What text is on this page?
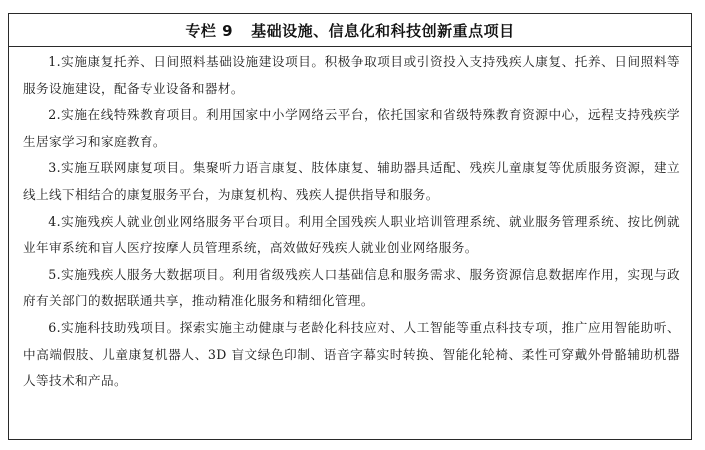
专栏 9 基础设施、信息化和科技创新重点项目

1.实施康复托养、日间照料基础设施建设项目。积极争取项目或引资投入支持残疾人康复、托养、日间照料等服务设施建设，配备专业设备和器材。

2.实施在线特殊教育项目。利用国家中小学网络云平台，依托国家和省级特殊教育资源中心，远程支持残疾学生居家学习和家庭教育。

3.实施互联网康复项目。集聚听力语言康复、肢体康复、辅助器具适配、残疾儿童康复等优质服务资源，建立线上线下相结合的康复服务平台，为康复机构、残疾人提供指导和服务。

4.实施残疾人就业创业网络服务平台项目。利用全国残疾人职业培训管理系统、就业服务管理系统、按比例就业年审系统和盲人医疗按摩人员管理系统，高效做好残疾人就业创业网络服务。

5.实施残疾人服务大数据项目。利用省级残疾人口基础信息和服务需求、服务资源信息数据库作用，实现与政府有关部门的数据联通共享，推动精准化服务和精细化管理。

6.实施科技助残项目。探索实施主动健康与老龄化科技应对、人工智能等重点科技专项，推广应用智能助听、中高端假肢、儿童康复机器人、3D 盲文绿色印制、语音字幕实时转换、智能化轮椅、柔性可穿戴外骨骼辅助机器人等技术和产品。
